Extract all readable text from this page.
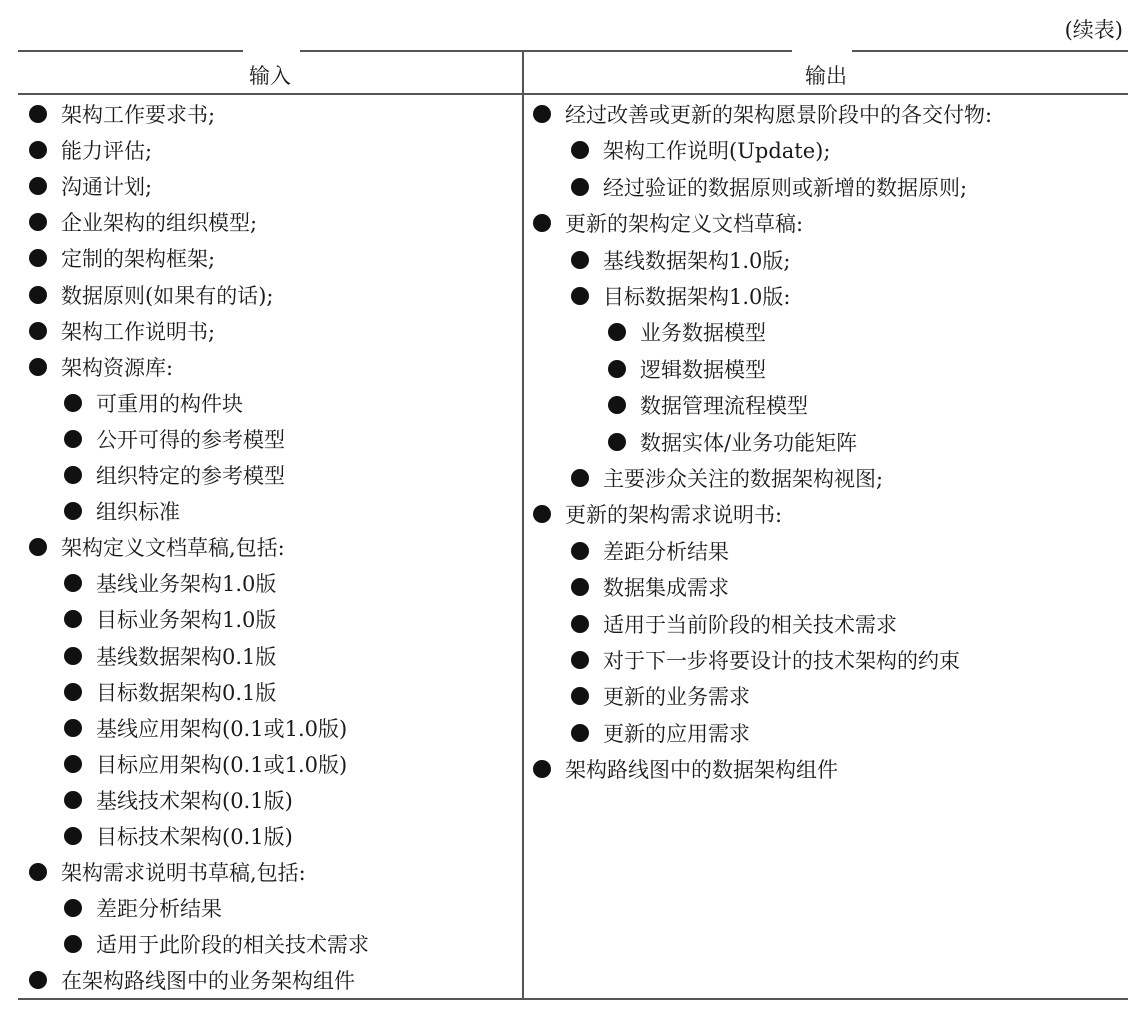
(续表)
输入	输出
架构工作要求书;
能力评估;
沟通计划;
企业架构的组织模型;
定制的架构框架;
数据原则(如果有的话);
架构工作说明书;
架构资源库:
可重用的构件块
公开可得的参考模型
组织特定的参考模型
组织标准
架构定义文档草稿,包括:
基线业务架构1.0版
目标业务架构1.0版
基线数据架构0.1版
目标数据架构0.1版
基线应用架构(0.1或1.0版)
目标应用架构(0.1或1.0版)
基线技术架构(0.1版)
目标技术架构(0.1版)
架构需求说明书草稿,包括:
差距分析结果
适用于此阶段的相关技术需求
在架构路线图中的业务架构组件
经过改善或更新的架构愿景阶段中的各交付物:
架构工作说明(Update);
经过验证的数据原则或新增的数据原则;
更新的架构定义文档草稿:
基线数据架构1.0版;
目标数据架构1.0版:
业务数据模型
逻辑数据模型
数据管理流程模型
数据实体/业务功能矩阵
主要涉众关注的数据架构视图;
更新的架构需求说明书:
差距分析结果
数据集成需求
适用于当前阶段的相关技术需求
对于下一步将要设计的技术架构的约束
更新的业务需求
更新的应用需求
架构路线图中的数据架构组件
